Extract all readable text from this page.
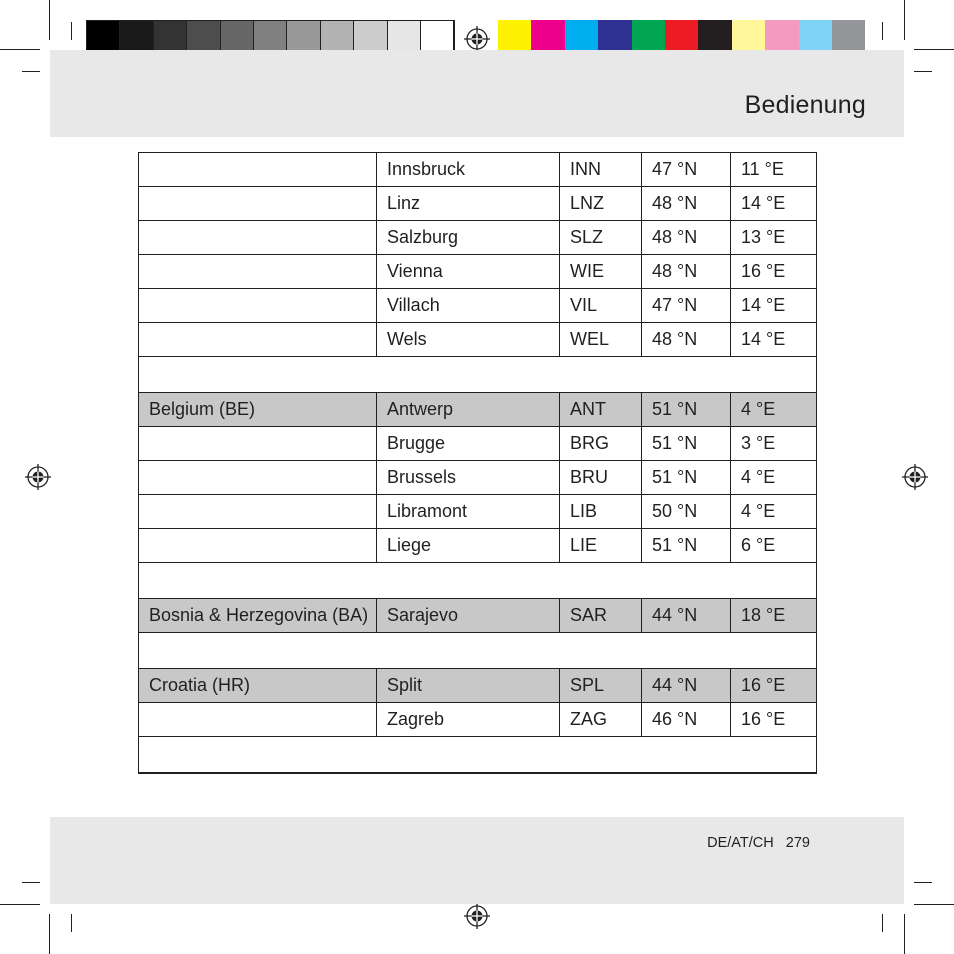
Bedienung
	Innsbruck	INN	47 °N	11 °E
	Linz	LNZ	48 °N	14 °E
	Salzburg	SLZ	48 °N	13 °E
	Vienna	WIE	48 °N	16 °E
	Villach	VIL	47 °N	14 °E
	Wels	WEL	48 °N	14 °E

Belgium (BE)	Antwerp	ANT	51 °N	4 °E
	Brugge	BRG	51 °N	3 °E
	Brussels	BRU	51 °N	4 °E
	Libramont	LIB	50 °N	4 °E
	Liege	LIE	51 °N	6 °E

Bosnia & Herzegovina (BA)	Sarajevo	SAR	44 °N	18 °E

Croatia (HR)	Split	SPL	44 °N	16 °E
	Zagreb	ZAG	46 °N	16 °E

DE/AT/CH 279
